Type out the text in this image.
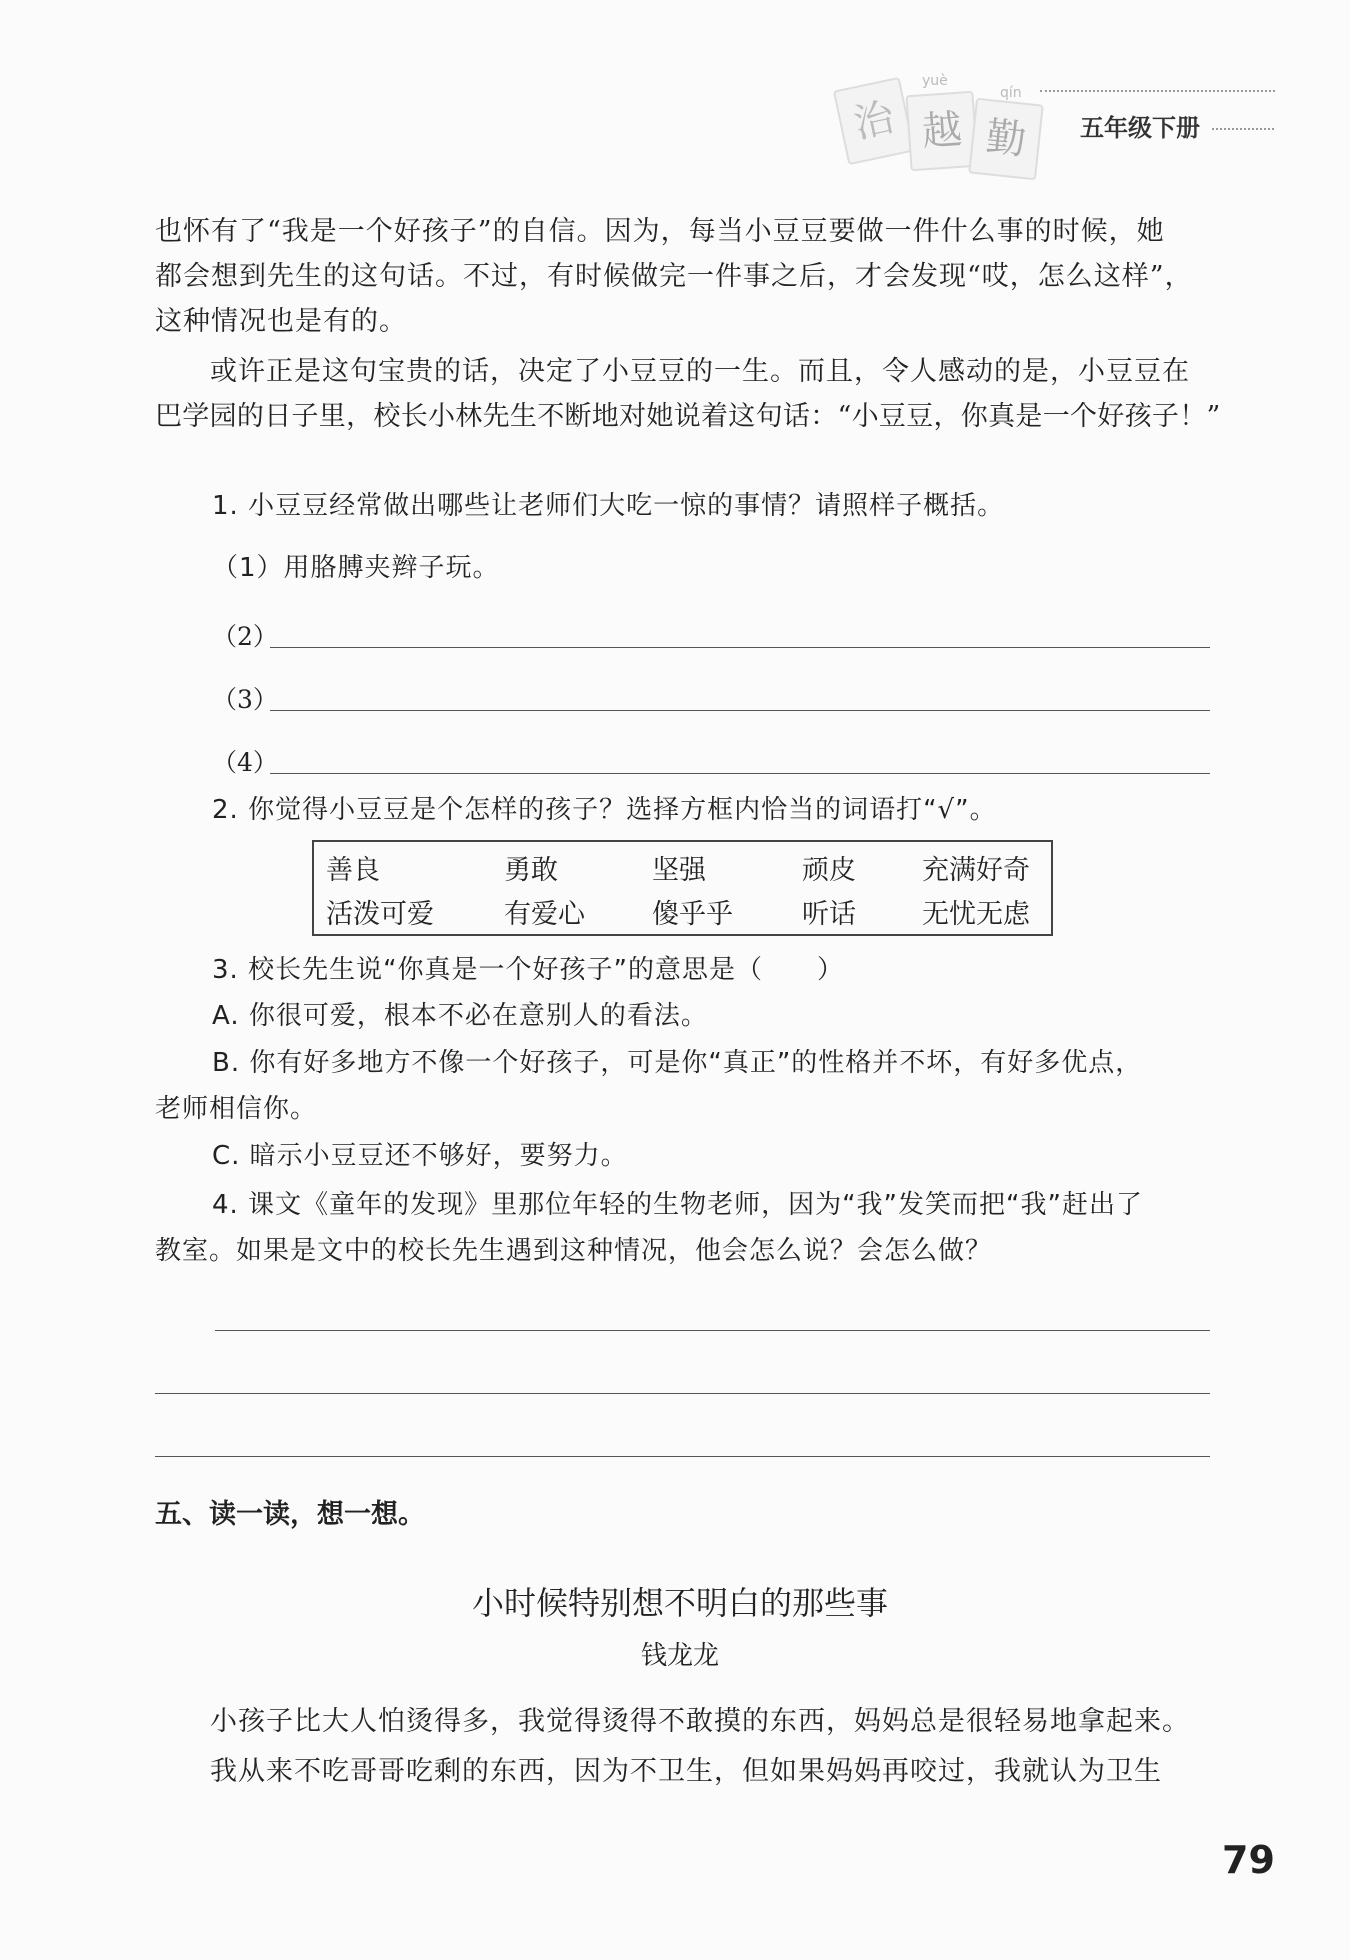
yuè
qín
治 越 勤	五年级下册
也怀有了“我是一个好孩子”的自信。因为，每当小豆豆要做一件什么事的时候，她
都会想到先生的这句话。不过，有时候做完一件事之后，才会发现“哎，怎么这样”，
这种情况也是有的。
或许正是这句宝贵的话，决定了小豆豆的一生。而且，令人感动的是，小豆豆在
巴学园的日子里，校长小林先生不断地对她说着这句话：“小豆豆，你真是一个好孩子！”
1. 小豆豆经常做出哪些让老师们大吃一惊的事情？请照样子概括。
（1）用胳膊夹辫子玩。
（2）
（3）
（4）
2. 你觉得小豆豆是个怎样的孩子？选择方框内恰当的词语打“√”。
善良	勇敢	坚强	顽皮 充满好奇
活泼可爱	有爱心 傻乎乎	听话 无忧无虑
3. 校长先生说“你真是一个好孩子”的意思是（　　）
A. 你很可爱，根本不必在意别人的看法。
B. 你有好多地方不像一个好孩子，可是你“真正”的性格并不坏，有好多优点，
老师相信你。
C. 暗示小豆豆还不够好，要努力。
4. 课文《童年的发现》里那位年轻的生物老师，因为“我”发笑而把“我”赶出了
教室。如果是文中的校长先生遇到这种情况，他会怎么说？会怎么做？
五、读一读，想一想。
小时候特别想不明白的那些事
钱龙龙
小孩子比大人怕烫得多，我觉得烫得不敢摸的东西，妈妈总是很轻易地拿起来。
我从来不吃哥哥吃剩的东西，因为不卫生，但如果妈妈再咬过，我就认为卫生
79
